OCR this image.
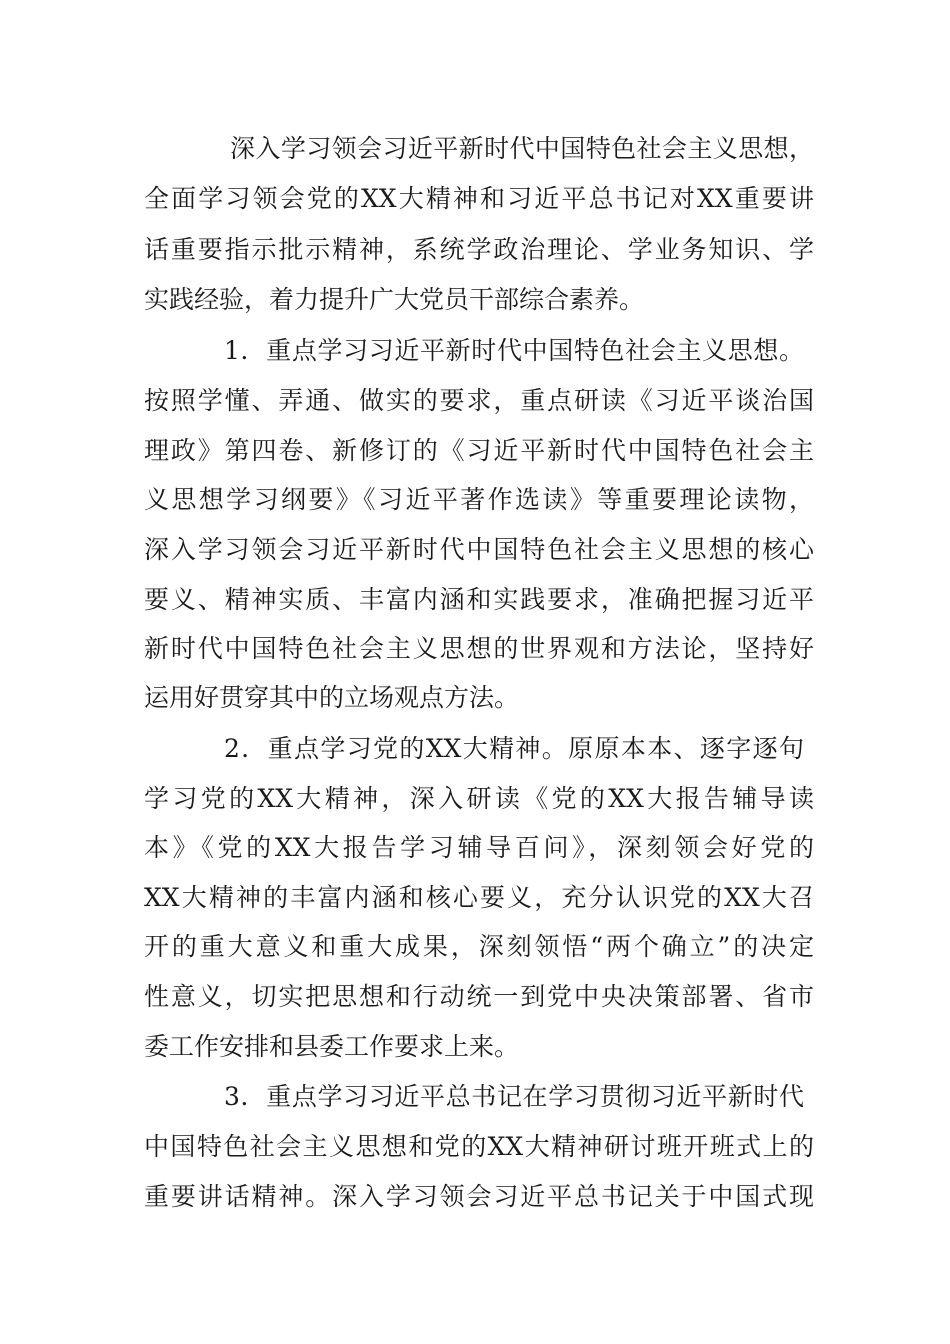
深入学习领会习近平新时代中国特色社会主义思想，
全面学习领会党的XX大精神和习近平总书记对XX重要讲
话重要指示批示精神，系统学政治理论、学业务知识、学
实践经验，着力提升广大党员干部综合素养。
1．重点学习习近平新时代中国特色社会主义思想。
按照学懂、弄通、做实的要求，重点研读《习近平谈治国
理政》第四卷、新修订的《习近平新时代中国特色社会主
义思想学习纲要》《习近平著作选读》等重要理论读物，
深入学习领会习近平新时代中国特色社会主义思想的核心
要义、精神实质、丰富内涵和实践要求，准确把握习近平
新时代中国特色社会主义思想的世界观和方法论，坚持好
运用好贯穿其中的立场观点方法。
2．重点学习党的XX大精神。原原本本、逐字逐句
学习党的XX大精神，深入研读《党的XX大报告辅导读
本》《党的XX大报告学习辅导百问》，深刻领会好党的
XX大精神的丰富内涵和核心要义，充分认识党的XX大召
开的重大意义和重大成果，深刻领悟“两个确立”的决定
性意义，切实把思想和行动统一到党中央决策部署、省市
委工作安排和县委工作要求上来。
3．重点学习习近平总书记在学习贯彻习近平新时代
中国特色社会主义思想和党的XX大精神研讨班开班式上的
重要讲话精神。深入学习领会习近平总书记关于中国式现
